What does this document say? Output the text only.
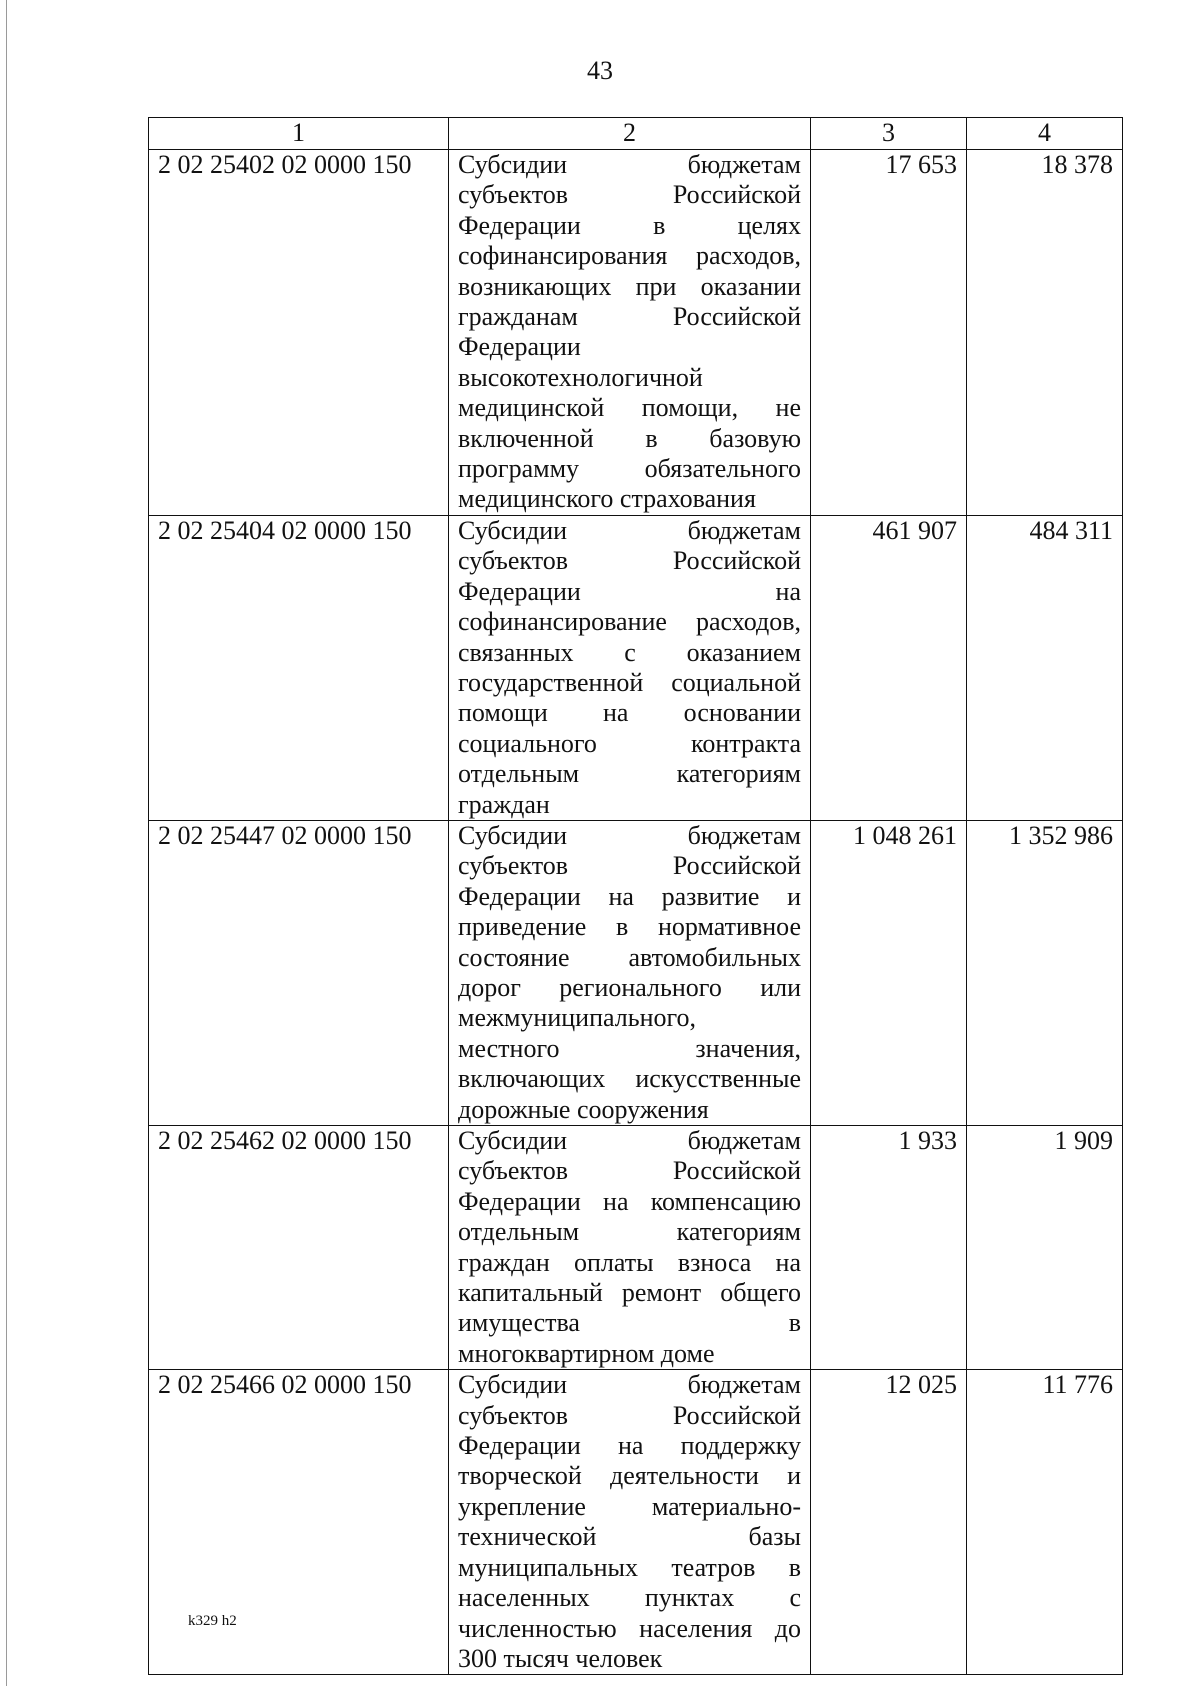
43
1	2	3	4
2 02 25402 02 0000 150	Субсидии бюджетам субъектов Российской Федерации в целях софинансирования расходов, возникающих при оказании гражданам Российской Федерации высокотехнологичной медицинской помощи, не включенной в базовую программу обязательного медицинского страхования	17 653	18 378
2 02 25404 02 0000 150	Субсидии бюджетам субъектов Российской Федерации на софинансирование расходов, связанных с оказанием государственной социальной помощи на основании социального контракта отдельным категориям граждан	461 907	484 311
2 02 25447 02 0000 150	Субсидии бюджетам субъектов Российской Федерации на развитие и приведение в нормативное состояние автомобильных дорог регионального или межмуниципального, местного значения, включающих искусственные дорожные сооружения	1 048 261	1 352 986
2 02 25462 02 0000 150	Субсидии бюджетам субъектов Российской Федерации на компенсацию отдельным категориям граждан оплаты взноса на капитальный ремонт общего имущества в многоквартирном доме	1 933	1 909
2 02 25466 02 0000 150	Субсидии бюджетам субъектов Российской Федерации на поддержку творческой деятельности и укрепление материально-технической базы муниципальных театров в населенных пунктах с численностью населения до 300 тысяч человек	12 025	11 776
k329 h2
